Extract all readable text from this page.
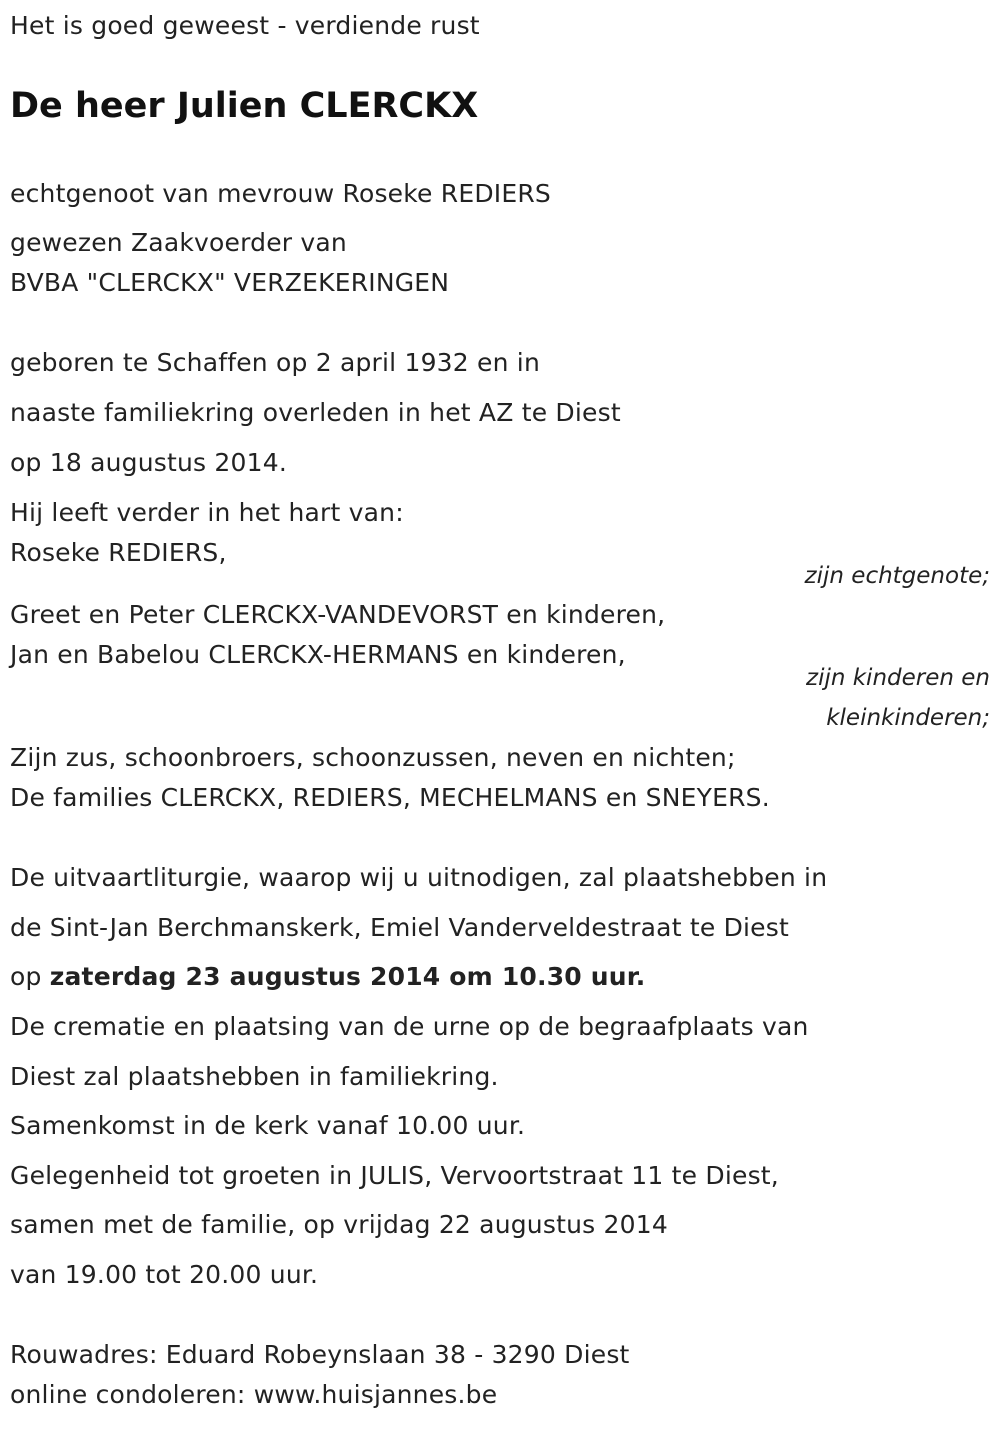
Het is goed geweest - verdiende rust
De heer Julien CLERCKX
echtgenoot van mevrouw Roseke REDIERS
gewezen Zaakvoerder van
BVBA "CLERCKX" VERZEKERINGEN
geboren te Schaffen op 2 april 1932 en in
naaste familiekring overleden in het AZ te Diest
op 18 augustus 2014.
Hij leeft verder in het hart van:
Roseke REDIERS,
zijn echtgenote;
Greet en Peter CLERCKX-VANDEVORST en kinderen,
Jan en Babelou CLERCKX-HERMANS en kinderen,
zijn kinderen en
kleinkinderen;
Zijn zus, schoonbroers, schoonzussen, neven en nichten;
De families CLERCKX, REDIERS, MECHELMANS en SNEYERS.
De uitvaartliturgie, waarop wij u uitnodigen, zal plaatshebben in
de Sint-Jan Berchmanskerk, Emiel Vanderveldestraat te Diest
op zaterdag 23 augustus 2014 om 10.30 uur.
De crematie en plaatsing van de urne op de begraafplaats van
Diest zal plaatshebben in familiekring.
Samenkomst in de kerk vanaf 10.00 uur.
Gelegenheid tot groeten in JULIS, Vervoortstraat 11 te Diest,
samen met de familie, op vrijdag 22 augustus 2014
van 19.00 tot 20.00 uur.
Rouwadres: Eduard Robeynslaan 38 - 3290 Diest
online condoleren: www.huisjannes.be
